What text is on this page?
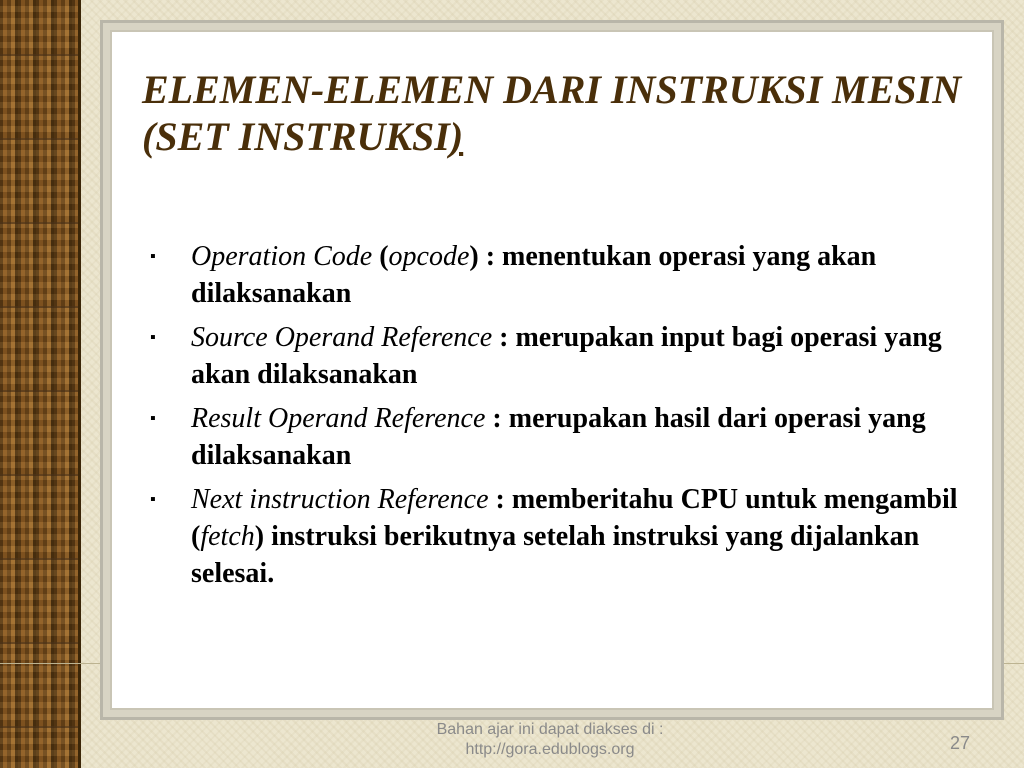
ELEMEN-ELEMEN DARI INSTRUKSI MESIN (SET INSTRUKSI)
▪ Operation Code (opcode) : menentukan operasi yang akan dilaksanakan
▪ Source Operand Reference : merupakan input bagi operasi yang akan dilaksanakan
▪ Result Operand Reference : merupakan hasil dari operasi yang dilaksanakan
▪ Next instruction Reference : memberitahu CPU untuk mengambil (fetch) instruksi berikutnya setelah instruksi yang dijalankan selesai.
Bahan ajar ini dapat diakses di :
http://gora.edublogs.org	27
